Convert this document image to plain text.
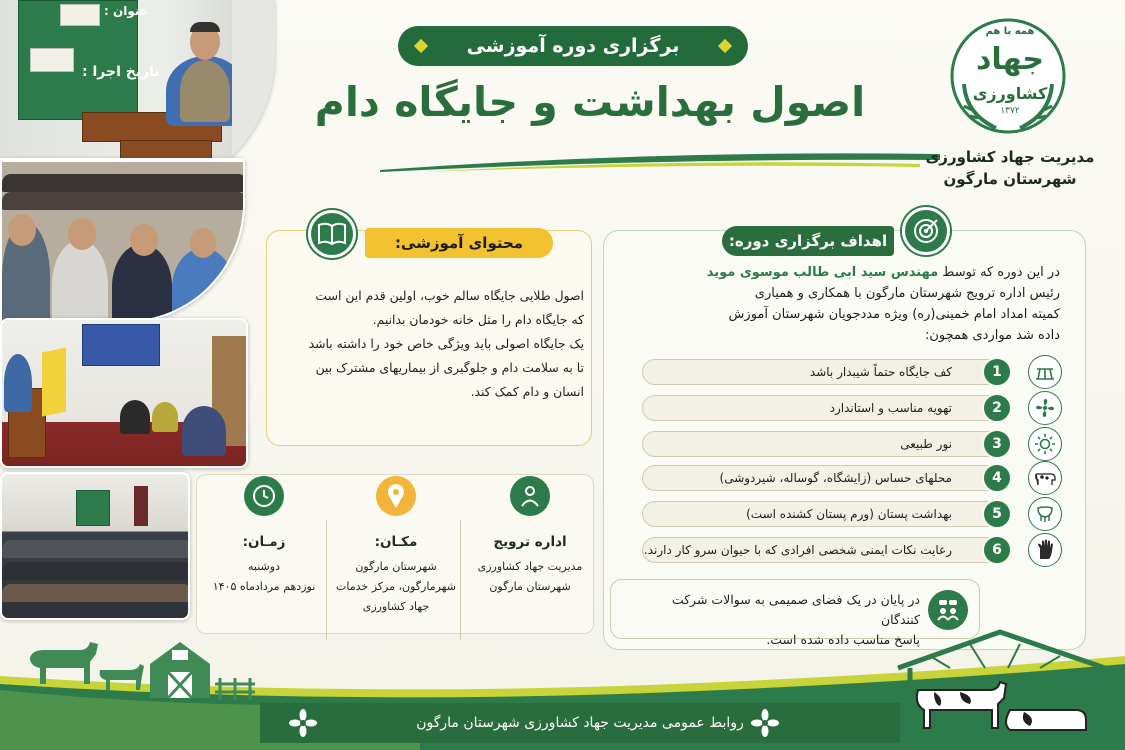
عنوان :
تاریخ اجرا :
برگزاری دوره آموزشی
اصول بهداشت و جایگاه دام
همه با هم
جهاد
کشاورزی
۱۳۷۲
مدیریت جهاد کشاورزی
شهرستان مارگون
محتوای آموزشی:
اصول طلایی جایگاه سالم خوب، اولین قدم این است
که جایگاه دام را مثل خانه خودمان بدانیم.
یک جایگاه اصولی باید ویژگی خاص خود را داشته باشد
تا به سلامت دام و جلوگیری از بیماریهای مشترک بین
انسان و دام کمک کند.
اداره ترویج
مدیریت جهاد کشاورزی
شهرستان مارگون
مکـان:
شهرستان مارگون
شهرمارگون، مرکز خدمات
جهاد کشاورزی
زمـان:
دوشنبه
نوزدهم مردادماه ۱۴۰۵
اهداف برگزاری دوره:
در این دوره که توسط مهندس سید ابی طالب موسوی موید
رئیس اداره ترویج شهرستان مارگون با همکاری و همیاری
کمیته امداد امام خمینی(ره) ویژه مددجویان شهرستان آموزش
داده شد مواردی همچون:
1
کف جایگاه حتماً شیبدار باشد
2
تهویه مناسب و استاندارد
3
نور طبیعی
4
محلهای حساس (زایشگاه، گوساله، شیردوشی)
5
بهداشت پستان (ورم پستان کشنده است)
6
رعایت نکات ایمنی شخصی افرادی که با حیوان سرو کار دارند.
در پایان در یک فضای صمیمی به سوالات شرکت کنندگان
پاسخ مناسب داده شده است.
روابط عمومی مدیریت جهاد کشاورزی شهرستان مارگون
